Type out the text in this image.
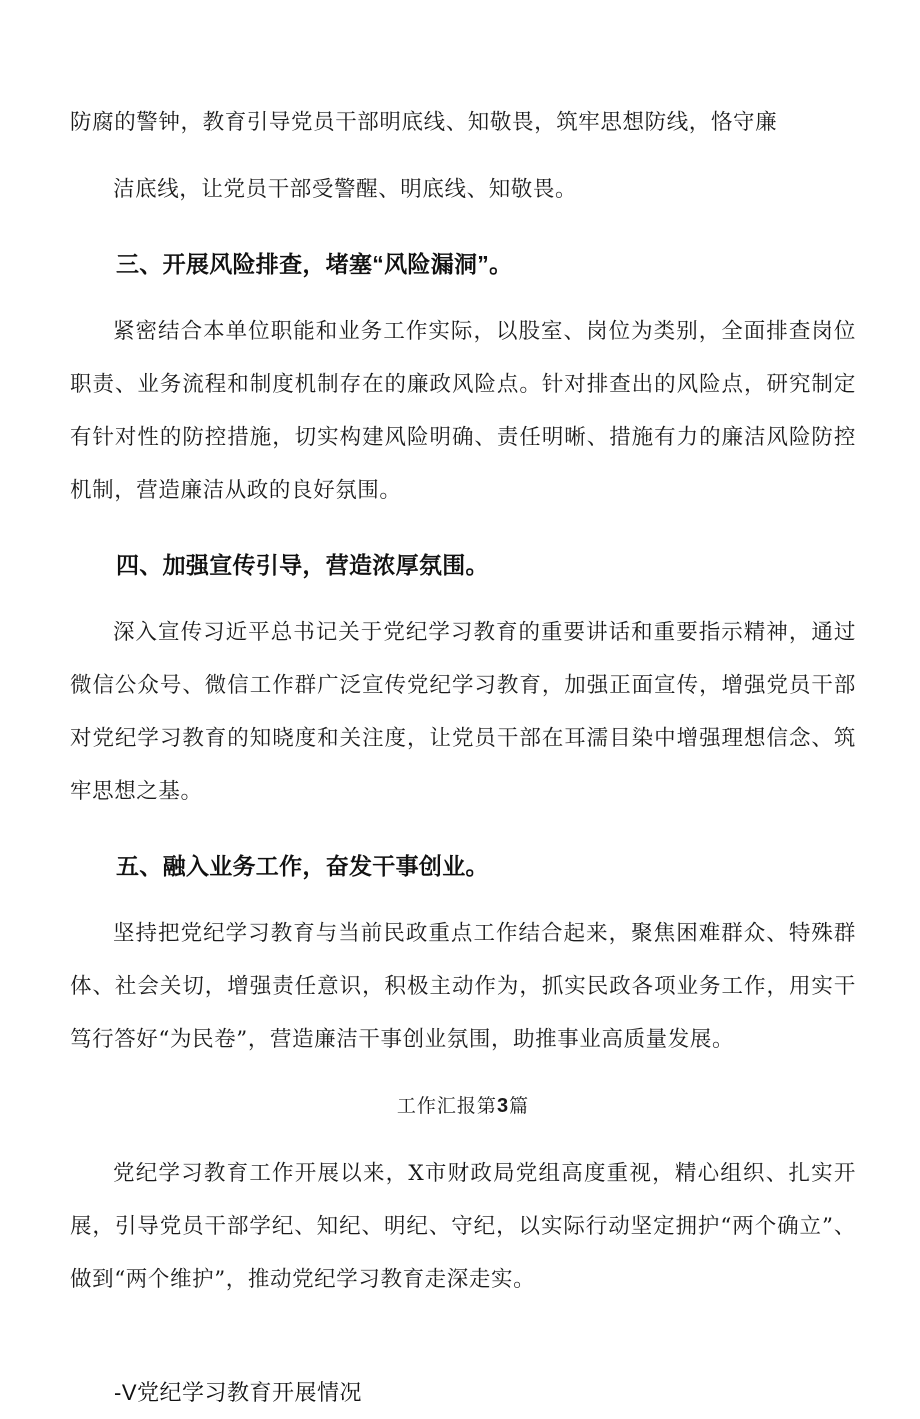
防腐的警钟，教育引导党员干部明底线、知敬畏，筑牢思想防线，恪守廉

洁底线，让党员干部受警醒、明底线、知敬畏。

三、开展风险排查，堵塞“风险漏洞”。

紧密结合本单位职能和业务工作实际，以股室、岗位为类别，全面排查岗位职责、业务流程和制度机制存在的廉政风险点。针对排查出的风险点，研究制定有针对性的防控措施，切实构建风险明确、责任明晰、措施有力的廉洁风险防控机制，营造廉洁从政的良好氛围。

四、加强宣传引导，营造浓厚氛围。

深入宣传习近平总书记关于党纪学习教育的重要讲话和重要指示精神，通过微信公众号、微信工作群广泛宣传党纪学习教育，加强正面宣传，增强党员干部对党纪学习教育的知晓度和关注度，让党员干部在耳濡目染中增强理想信念、筑牢思想之基。

五、融入业务工作，奋发干事创业。

坚持把党纪学习教育与当前民政重点工作结合起来，聚焦困难群众、特殊群体、社会关切，增强责任意识，积极主动作为，抓实民政各项业务工作，用实干笃行答好“为民卷”，营造廉洁干事创业氛围，助推事业高质量发展。

工作汇报第3篇

党纪学习教育工作开展以来，X市财政局党组高度重视，精心组织、扎实开展，引导党员干部学纪、知纪、明纪、守纪，以实际行动坚定拥护“两个确立”、做到“两个维护”，推动党纪学习教育走深走实。

-V党纪学习教育开展情况
